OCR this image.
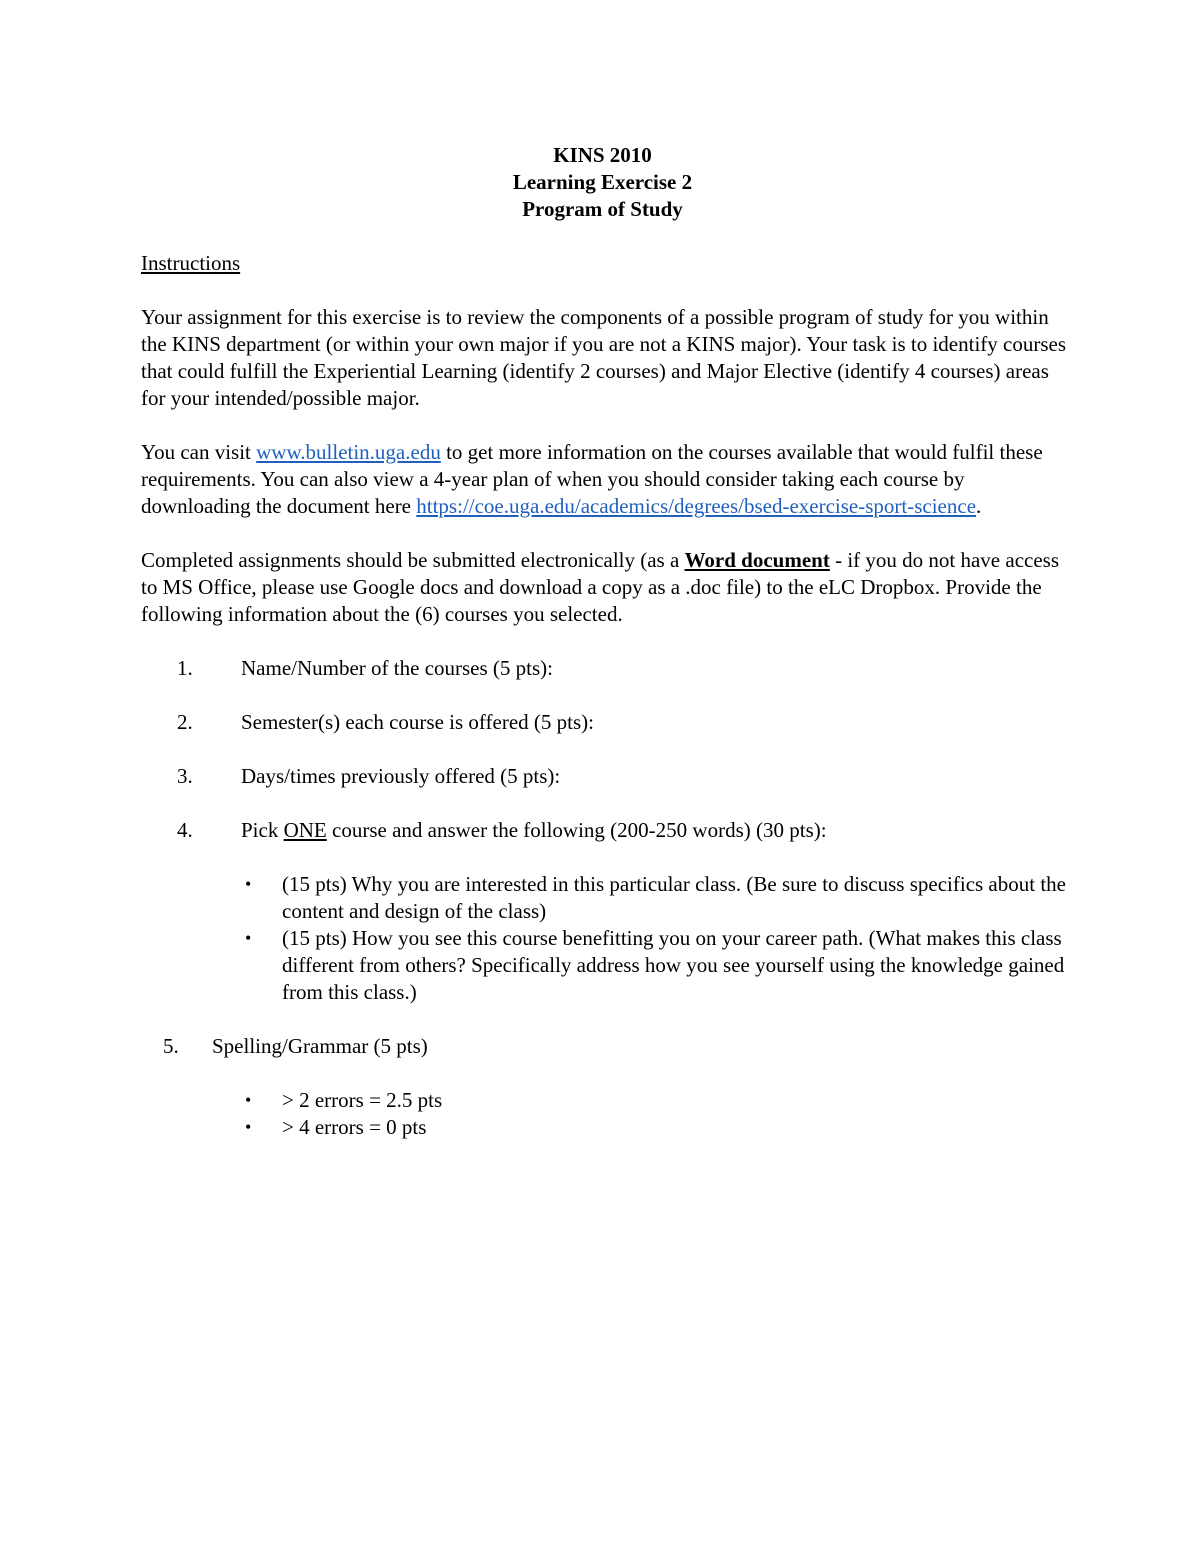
KINS 2010
Learning Exercise 2
Program of Study
Instructions

Your assignment for this exercise is to review the components of a possible program of study for you within the KINS department (or within your own major if you are not a KINS major). Your task is to identify courses that could fulfill the Experiential Learning (identify 2 courses) and Major Elective (identify 4 courses) areas for your intended/possible major.

You can visit www.bulletin.uga.edu to get more information on the courses available that would fulfil these requirements. You can also view a 4-year plan of when you should consider taking each course by downloading the document here https://coe.uga.edu/academics/degrees/bsed-exercise-sport-science.

Completed assignments should be submitted electronically (as a Word document - if you do not have access to MS Office, please use Google docs and download a copy as a .doc file) to the eLC Dropbox. Provide the following information about the (6) courses you selected.

1. Name/Number of the courses (5 pts):
2. Semester(s) each course is offered (5 pts):
3. Days/times previously offered (5 pts):
4. Pick ONE course and answer the following (200-250 words) (30 pts):
• (15 pts) Why you are interested in this particular class. (Be sure to discuss specifics about the content and design of the class)
• (15 pts) How you see this course benefitting you on your career path. (What makes this class different from others? Specifically address how you see yourself using the knowledge gained from this class.)
5. Spelling/Grammar (5 pts)
• > 2 errors = 2.5 pts
• > 4 errors = 0 pts
